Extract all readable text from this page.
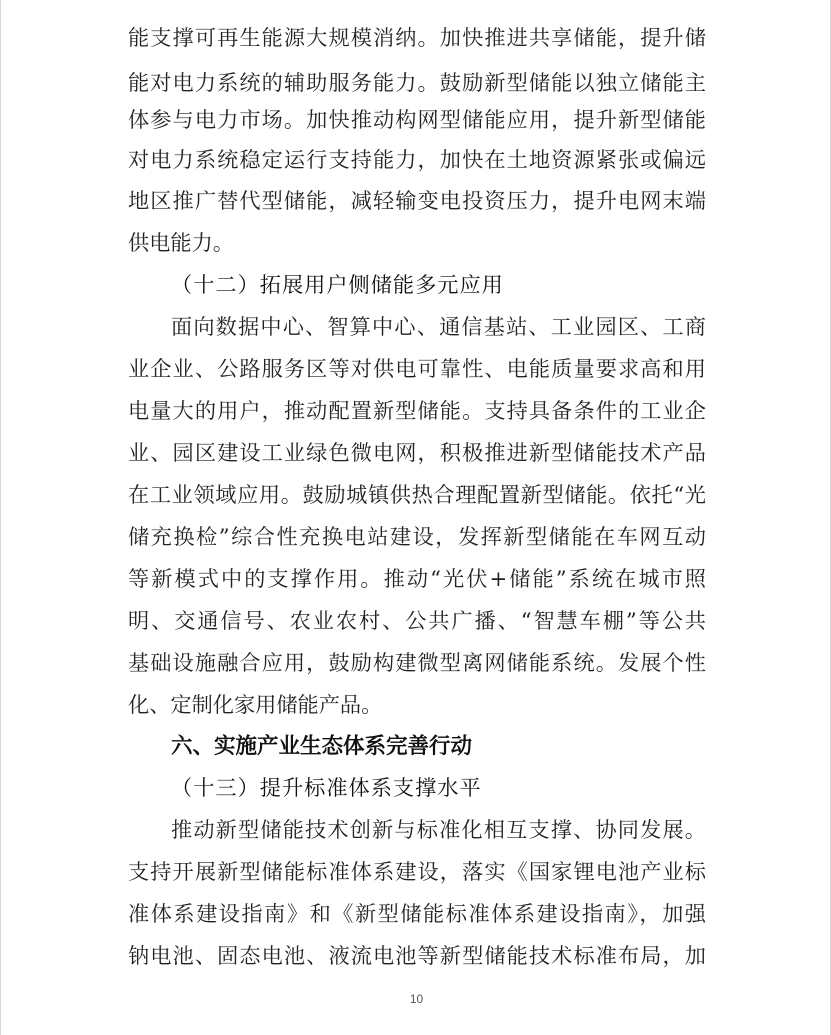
能支撑可再生能源大规模消纳。加快推进共享储能，提升储
能对电力系统的辅助服务能力。鼓励新型储能以独立储能主
体参与电力市场。加快推动构网型储能应用，提升新型储能
对电力系统稳定运行支持能力，加快在土地资源紧张或偏远
地区推广替代型储能，减轻输变电投资压力，提升电网末端
供电能力。
（十二）拓展用户侧储能多元应用
面向数据中心、智算中心、通信基站、工业园区、工商
业企业、公路服务区等对供电可靠性、电能质量要求高和用
电量大的用户，推动配置新型储能。支持具备条件的工业企
业、园区建设工业绿色微电网，积极推进新型储能技术产品
在工业领域应用。鼓励城镇供热合理配置新型储能。依托“光
储充换检”综合性充换电站建设，发挥新型储能在车网互动
等新模式中的支撑作用。推动“光伏+储能”系统在城市照
明、交通信号、农业农村、公共广播、“智慧车棚”等公共
基础设施融合应用，鼓励构建微型离网储能系统。发展个性
化、定制化家用储能产品。
六、实施产业生态体系完善行动
（十三）提升标准体系支撑水平
推动新型储能技术创新与标准化相互支撑、协同发展。
支持开展新型储能标准体系建设，落实《国家锂电池产业标
准体系建设指南》和《新型储能标准体系建设指南》，加强
钠电池、固态电池、液流电池等新型储能技术标准布局，加
10
